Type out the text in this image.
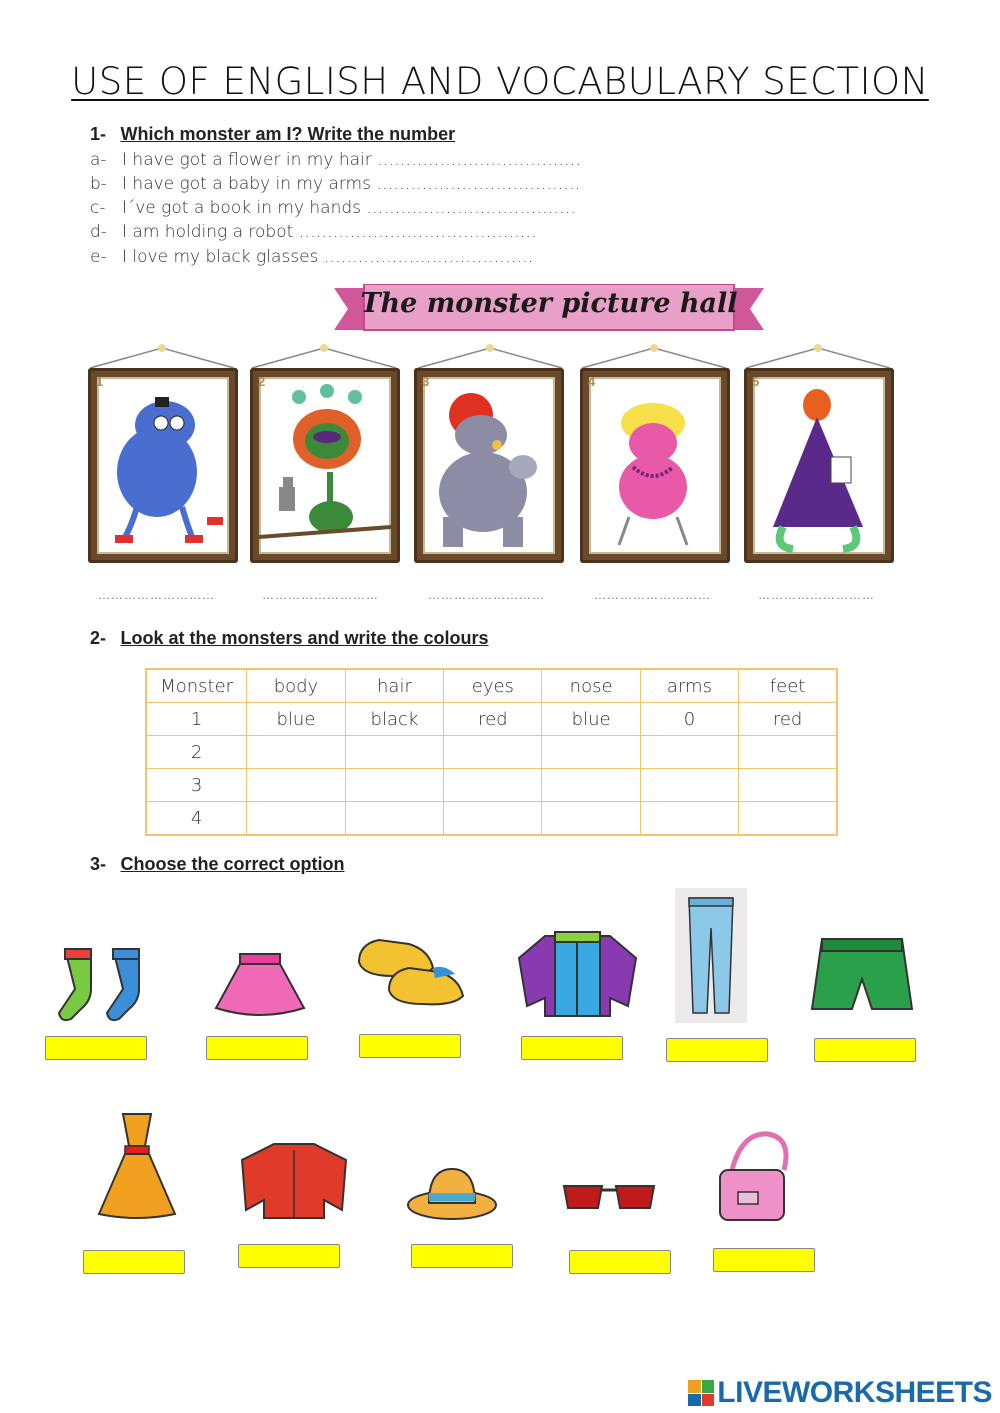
USE OF ENGLISH AND VOCABULARY SECTION
1- Which monster am I? Write the number
a- I have got a flower in my hair ………………………………
b- I have got a baby in my arms ………………………………
c- I´ve got a book in my hands ……………………………….
d- I am holding a robot ……………………………………
e- I love my black glasses ……………………………….
The monster picture hall
1	2	3	4	5
………………………	………………………	………………………	………………………	………………………
2- Look at the monsters and write the colours
Monster	body	hair	eyes	nose	arms	feet
1	blue	black	red	blue	0	red
2						
3						
4						
3- Choose the correct option
LIVEWORKSHEETS
